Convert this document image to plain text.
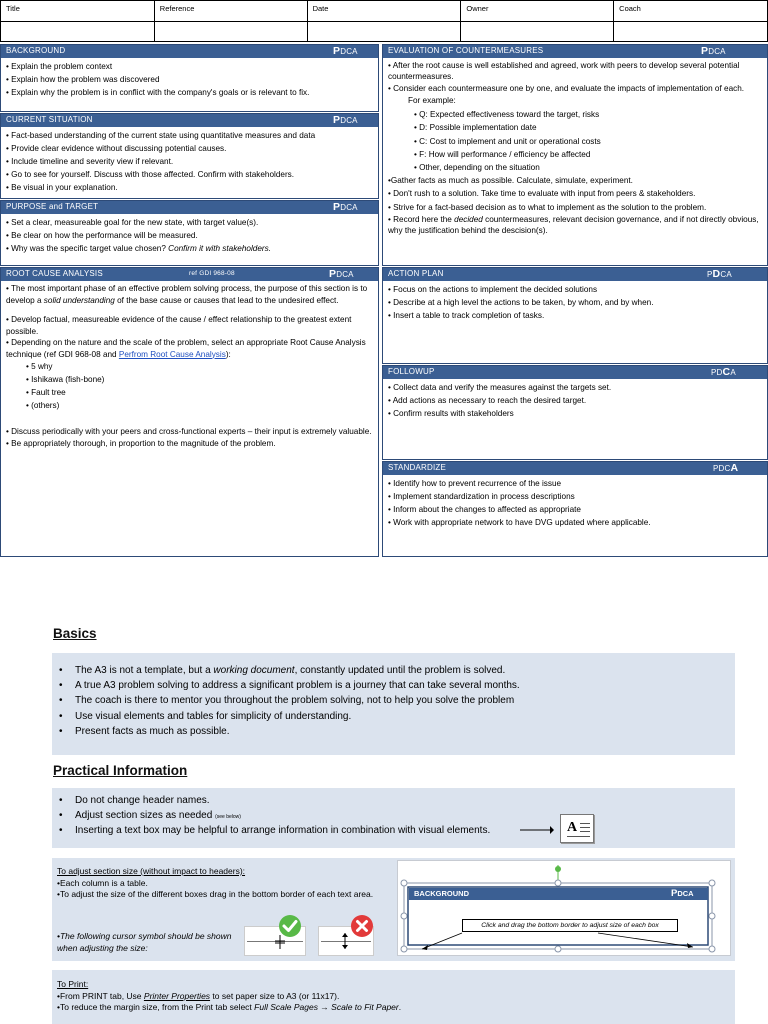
Title	Reference	Date	Owner	Coach

BACKGROUND	PDCA

• Explain the problem context

• Explain how the problem was discovered

• Explain why the problem is in conflict with the company's goals or is relevant to fix.

CURRENT SITUATION	PDCA

• Fact-based understanding of the current state using quantitative measures and data

• Provide clear evidence without discussing potential causes.

• Include timeline and severity view if relevant.

• Go to see for yourself. Discuss with those affected. Confirm with stakeholders.

• Be visual in your explanation.

PURPOSE and TARGET	PDCA

• Set a clear, measureable goal for the new state, with target value(s).

• Be clear on how the performance will be measured.

• Why was the specific target value chosen? Confirm it with stakeholders.

ROOT CAUSE ANALYSIS	ref GDI 968-08	PDCA

• The most important phase of an effective problem solving process, the purpose of this section is to develop a solid understanding of the base cause or causes that lead to the undesired effect.

• Develop factual, measureable evidence of the cause / effect relationship to the greatest extent possible.

• Depending on the nature and the scale of the problem, select an appropriate Root Cause Analysis technique (ref GDI 968-08 and Perfrom Root Cause Analysis):

• 5 why

• Ishikawa (fish-bone)

• Fault tree

• (others)

• Discuss periodically with your peers and cross-functional experts – their input is extremely valuable.

• Be appropriately thorough, in proportion to the magnitude of the problem.

EVALUATION OF COUNTERMEASURES	PDCA

• After the root cause is well established and agreed, work with peers to develop several potential countermeasures.

• Consider each countermeasure one by one, and evaluate the impacts of implementation of each.

For example:

• Q: Expected effectiveness toward the target, risks

• D: Possible implementation date

• C: Cost to implement and unit or operational costs

• F: How will performance / efficiency be affected

• Other, depending on the situation

•Gather facts as much as possible. Calculate, simulate, experiment.

• Don't rush to a solution. Take time to evaluate with input from peers & stakeholders.

• Strive for a fact-based decision as to what to implement as the solution to the problem.

• Record here the decided countermeasures, relevant decision governance, and if not directly obvious, why the justification behind the descision(s).

ACTION PLAN	PDCA

• Focus on the actions to implement the decided solutions

• Describe at a high level the actions to be taken, by whom, and by when.

• Insert a table to track completion of tasks.

FOLLOWUP	PDCA

• Collect data and verify the measures against the targets set.

• Add actions as necessary to reach the desired target.

• Confirm results with stakeholders

STANDARDIZE	PDCA

• Identify how to prevent recurrence of the issue

• Implement standardization in process descriptions

• Inform about the changes to affected as appropriate

• Work with appropriate network to have DVG updated where applicable.

Basics
• The A3 is not a template, but a working document, constantly updated until the problem is solved.
• A true A3 problem solving to address a significant problem is a journey that can take several months.
• The coach is there to mentor you throughout the problem solving, not to help you solve the problem
• Use visual elements and tables for simplicity of understanding.
• Present facts as much as possible.
Practical Information
• Do not change header names.
• Adjust section sizes as needed (see below)
• Inserting a text box may be helpful to arrange information in combination with visual elements.	A

To adjust section size (without impact to headers):

•Each column is a table.

•To adjust the size of the different boxes drag in the bottom border of each text area.

•The following cursor symbol should be shown when adjusting the size:

BACKGROUND	PDCA
Click and drag the bottom border to adjust size of each box

To Print:

•From PRINT tab, Use Printer Properties to set paper size to A3 (or 11x17).

•To reduce the margin size, from the Print tab select Full Scale Pages → Scale to Fit Paper.
